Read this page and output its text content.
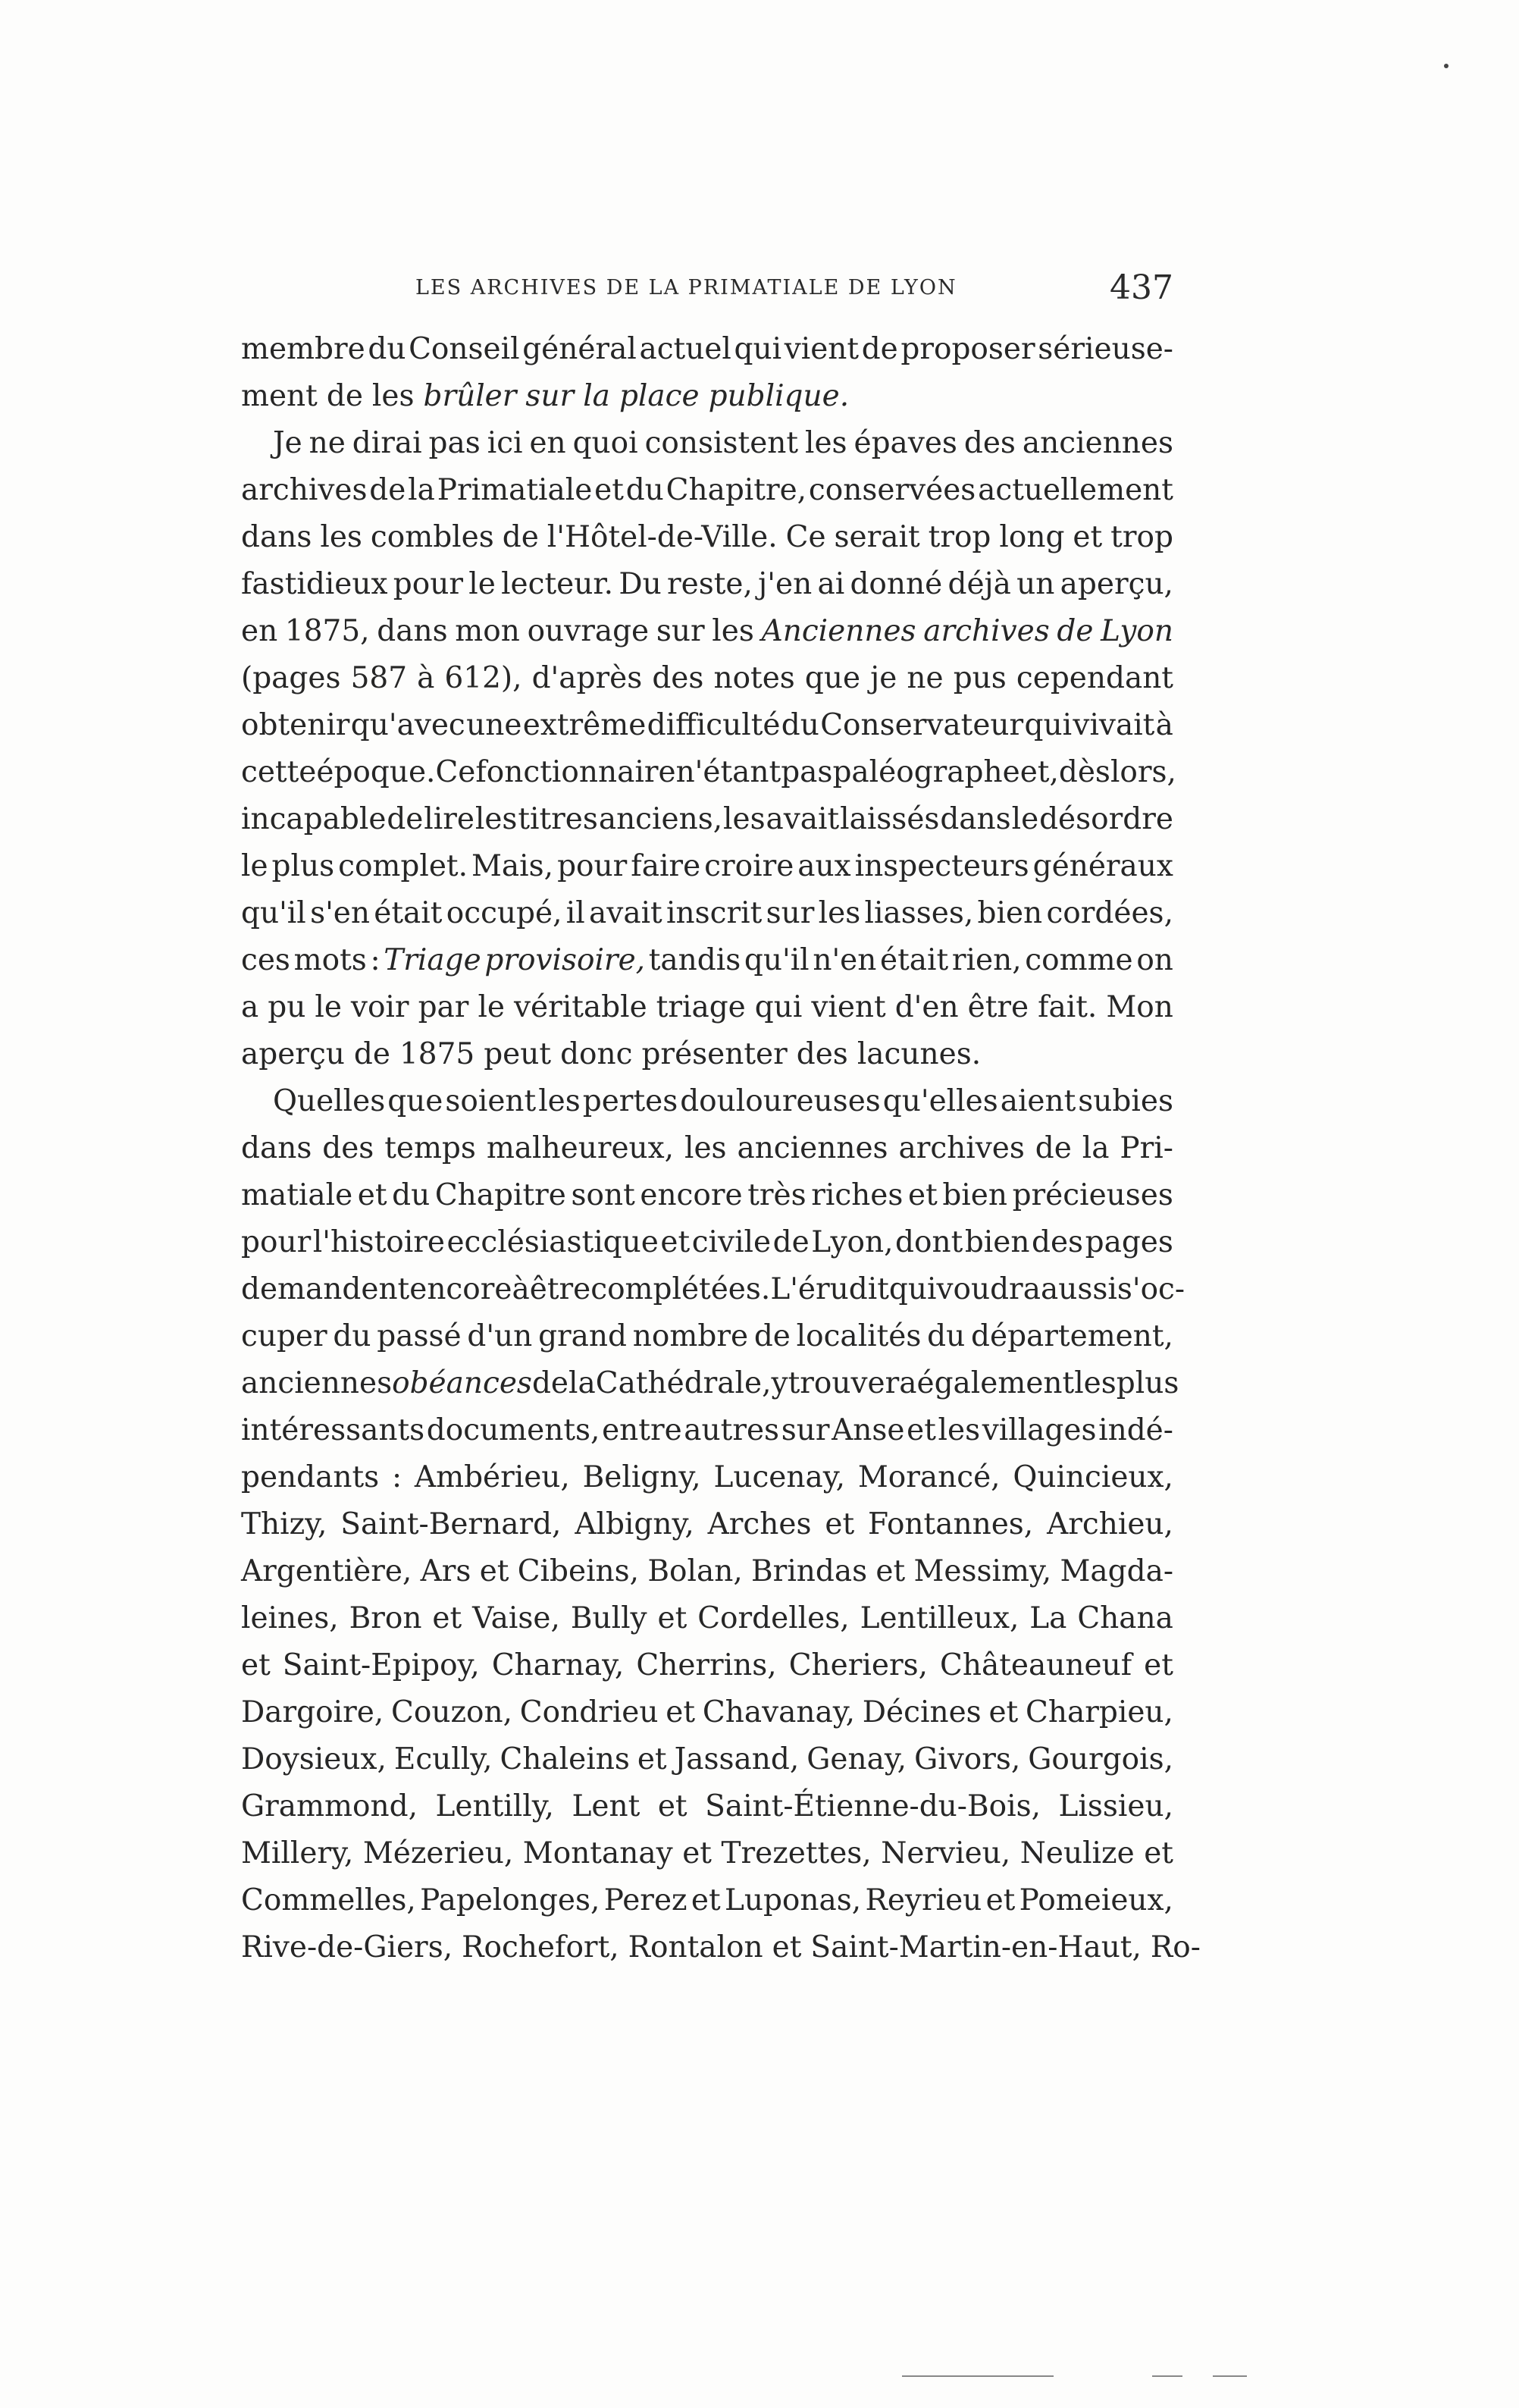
LES ARCHIVES DE LA PRIMATIALE DE LYON	437
membre du Conseil général actuel qui vient de proposer sérieuse-
ment de les brûler sur la place publique.
Je ne dirai pas ici en quoi consistent les épaves des anciennes
archives de la Primatiale et du Chapitre, conservées actuellement
dans les combles de l'Hôtel-de-Ville. Ce serait trop long et trop
fastidieux pour le lecteur. Du reste, j'en ai donné déjà un aperçu,
en 1875, dans mon ouvrage sur les Anciennes archives de Lyon
(pages 587 à 612), d'après des notes que je ne pus cependant
obtenir qu'avec une extrême difficulté du Conservateur qui vivait à
cette époque. Ce fonctionnaire n'étant pas paléographe et, dès lors,
incapable de lire les titres anciens, les avait laissés dans le désordre
le plus complet. Mais, pour faire croire aux inspecteurs généraux
qu'il s'en était occupé, il avait inscrit sur les liasses, bien cordées,
ces mots : Triage provisoire, tandis qu'il n'en était rien, comme on
a pu le voir par le véritable triage qui vient d'en être fait. Mon
aperçu de 1875 peut donc présenter des lacunes.
Quelles que soient les pertes douloureuses qu'elles aient subies
dans des temps malheureux, les anciennes archives de la Pri-
matiale et du Chapitre sont encore très riches et bien précieuses
pour l'histoire ecclésiastique et civile de Lyon, dont bien des pages
demandent encore à être complétées. L'érudit qui voudra aussi s'oc-
cuper du passé d'un grand nombre de localités du département,
anciennes obéances de la Cathédrale, y trouvera également les plus
intéressants documents, entre autres sur Anse et les villages indé-
pendants : Ambérieu, Beligny, Lucenay, Morancé, Quincieux,
Thizy, Saint-Bernard, Albigny, Arches et Fontannes, Archieu,
Argentière, Ars et Cibeins, Bolan, Brindas et Messimy, Magda-
leines, Bron et Vaise, Bully et Cordelles, Lentilleux, La Chana
et Saint-Epipoy, Charnay, Cherrins, Cheriers, Châteauneuf et
Dargoire, Couzon, Condrieu et Chavanay, Décines et Charpieu,
Doysieux, Ecully, Chaleins et Jassand, Genay, Givors, Gourgois,
Grammond, Lentilly, Lent et Saint-Étienne-du-Bois, Lissieu,
Millery, Mézerieu, Montanay et Trezettes, Nervieu, Neulize et
Commelles, Papelonges, Perez et Luponas, Reyrieu et Pomeieux,
Rive-de-Giers, Rochefort, Rontalon et Saint-Martin-en-Haut, Ro-
